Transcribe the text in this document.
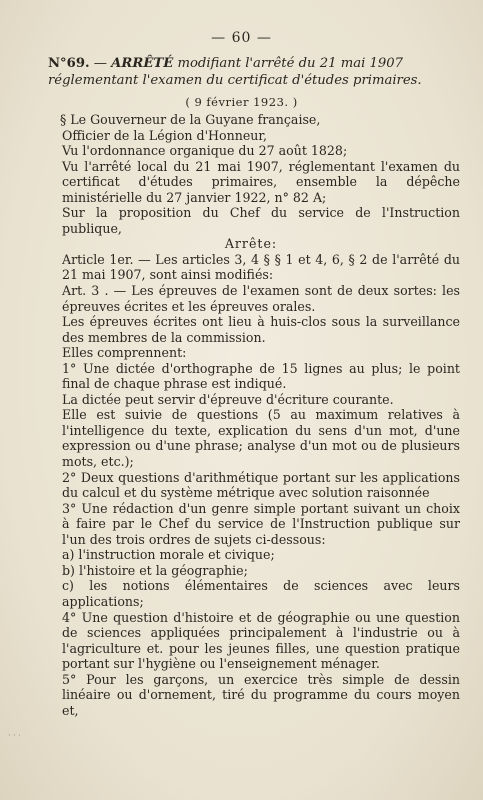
— 60 —
N°69. — ARRÊTÉ modifiant l'arrêté du 21 mai 1907 réglementant l'examen du certificat d'études primaires.
( 9 février 1923. )

§ Le Gouverneur de la Guyane française,

Officier de la Légion d'Honneur,

Vu l'ordonnance organique du 27 août 1828;

Vu l'arrêté local du 21 mai 1907, réglementant l'examen du certificat d'études primaires, ensemble la dépêche ministérielle du 27 janvier 1922, n° 82 A;

Sur la proposition du Chef du service de l'Instruction publique,

Arrête:

Article 1er. — Les articles 3, 4 § § 1 et 4, 6, § 2 de l'arrêté du 21 mai 1907, sont ainsi modifiés:

Art. 3 . — Les épreuves de l'examen sont de deux sortes: les épreuves écrites et les épreuves orales.

Les épreuves écrites ont lieu à huis-clos sous la surveillance des membres de la commission.

Elles comprennent:

1° Une dictée d'orthographe de 15 lignes au plus; le point final de chaque phrase est indiqué.

La dictée peut servir d'épreuve d'écriture courante.

Elle est suivie de questions (5 au maximum relatives à l'intelligence du texte, explication du sens d'un mot, d'une expression ou d'une phrase; analyse d'un mot ou de plusieurs mots, etc.);

2° Deux questions d'arithmétique portant sur les applications du calcul et du système métrique avec solution raisonnée

3° Une rédaction d'un genre simple portant suivant un choix à faire par le Chef du service de l'Instruction publique sur l'un des trois ordres de sujets ci-dessous:

a) l'instruction morale et civique;

b) l'histoire et la géographie;

c) les notions élémentaires de sciences avec leurs applications;

4° Une question d'histoire et de géographie ou une question de sciences appliquées principalement à l'industrie ou à l'agriculture et. pour les jeunes filles, une question pratique portant sur l'hygiène ou l'enseignement ménager.

5° Pour les garçons, un exercice très simple de dessin linéaire ou d'ornement, tiré du programme du cours moyen et,

· · ·
